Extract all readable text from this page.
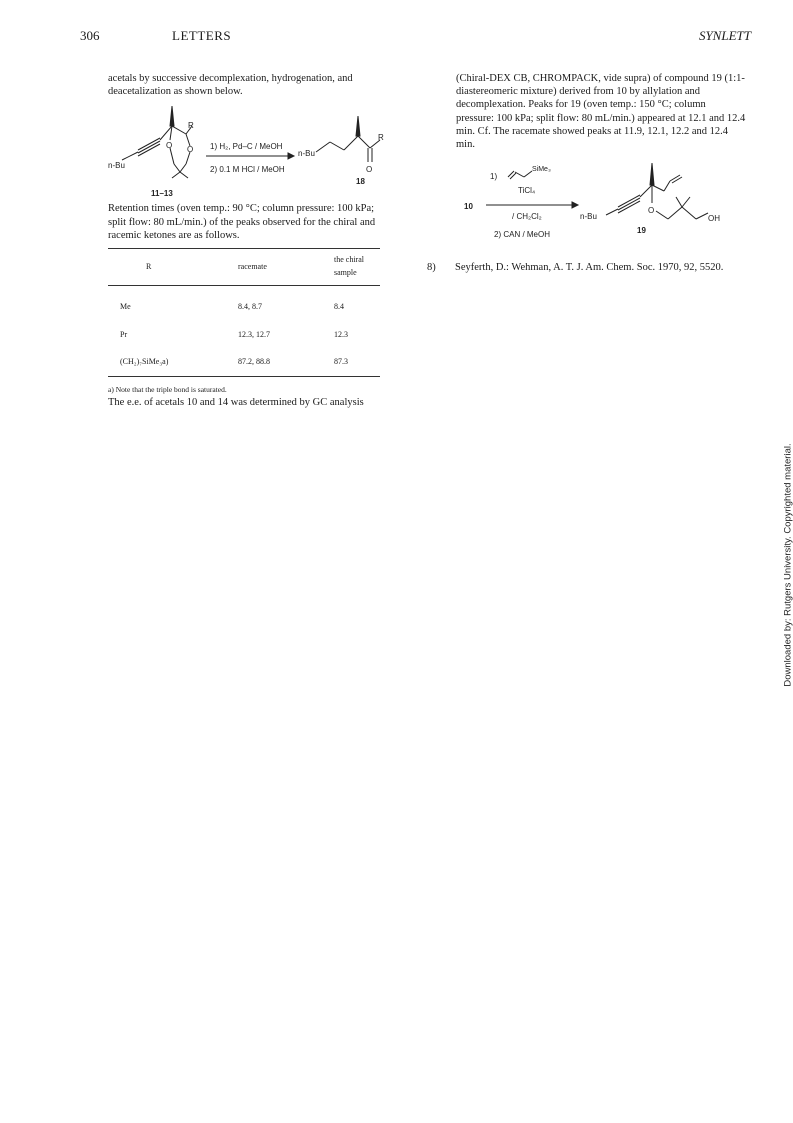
306	LETTERS	SYNLETT

acetals by successive decomplexation, hydrogenation, and deacetalization as shown below.

n-Bu
R
O O 1) H₂, Pd–C / MeOH
2) 0.1 M HCl / MeOH
n-Bu
R
O
11–13
18

Retention times (oven temp.: 90 °C; column pressure: 100 kPa; split flow: 80 mL/min.) of the peaks observed for the chiral and racemic ketones are as follows.

R	racemate	the chiral sample
Me	8.4, 8.7	8.4
Pr	12.3, 12.7	12.3
(CH₂)₇SiMe₃a)	87.2, 88.8	87.3
a) Note that the triple bond is saturated.

The e.e. of acetals 10 and 14 was determined by GC analysis

(Chiral-DEX CB, CHROMPACK, vide supra) of compound 19 (1:1-diastereomeric mixture) derived from 10 by allylation and decomplexation. Peaks for 19 (oven temp.: 150 °C; column pressure: 100 kPa; split flow: 80 mL/min.) appeared at 12.1 and 12.4 min. Cf. The racemate showed peaks at 11.9, 12.1, 12.2 and 12.4 min.

1)
SiMe₃
TiCl₄
/ CH₂Cl₂
2) CAN / MeOH
10
n-Bu
O
OH
19
8) Seyferth, D.: Wehman, A. T. J. Am. Chem. Soc. 1970, 92, 5520.
Downloaded by: Rutgers University. Copyrighted material.
